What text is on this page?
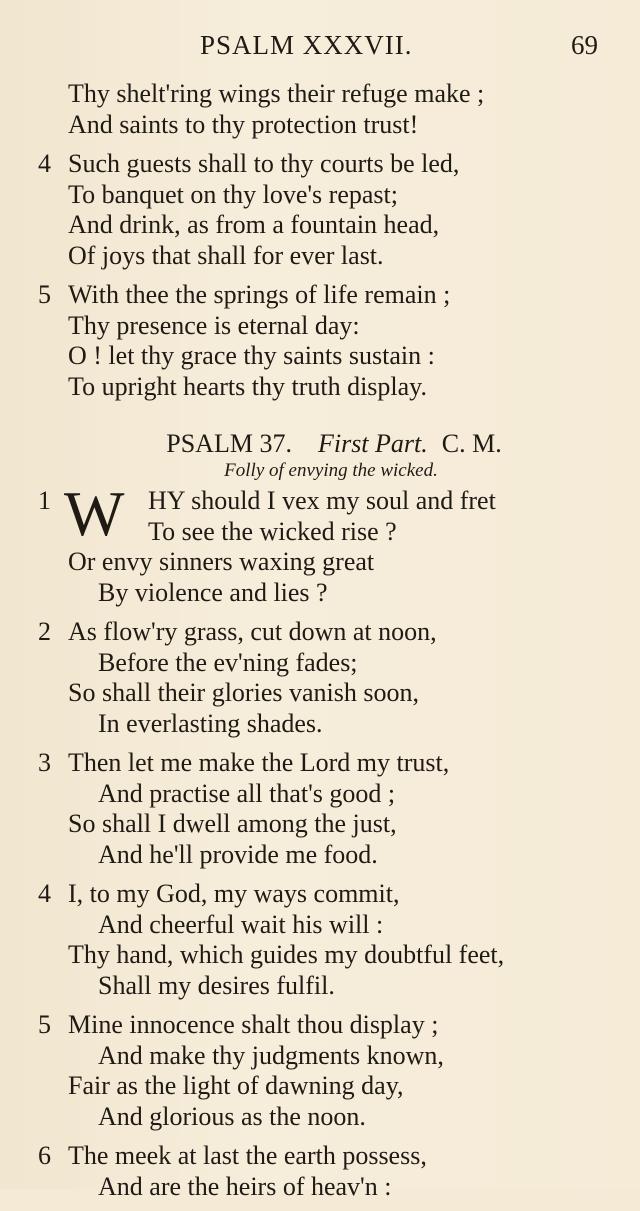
PSALM XXXVII.	69
Thy shelt'ring wings their refuge make ;
And saints to thy protection trust!
4 Such guests shall to thy courts be led,
To banquet on thy love's repast;
And drink, as from a fountain head,
Of joys that shall for ever last.
5 With thee the springs of life remain ;
Thy presence is eternal day:
O ! let thy grace thy saints sustain :
To upright hearts thy truth display.
PSALM 37. First Part. C. M.
Folly of envying the wicked.
1 W HY should I vex my soul and fret
To see the wicked rise ?
Or envy sinners waxing great
By violence and lies ?
2 As flow'ry grass, cut down at noon,
Before the ev'ning fades;
So shall their glories vanish soon,
In everlasting shades.
3 Then let me make the Lord my trust,
And practise all that's good ;
So shall I dwell among the just,
And he'll provide me food.
4 I, to my God, my ways commit,
And cheerful wait his will :
Thy hand, which guides my doubtful feet,
Shall my desires fulfil.
5 Mine innocence shalt thou display ;
And make thy judgments known,
Fair as the light of dawning day,
And glorious as the noon.
6 The meek at last the earth possess,
And are the heirs of heav'n :
